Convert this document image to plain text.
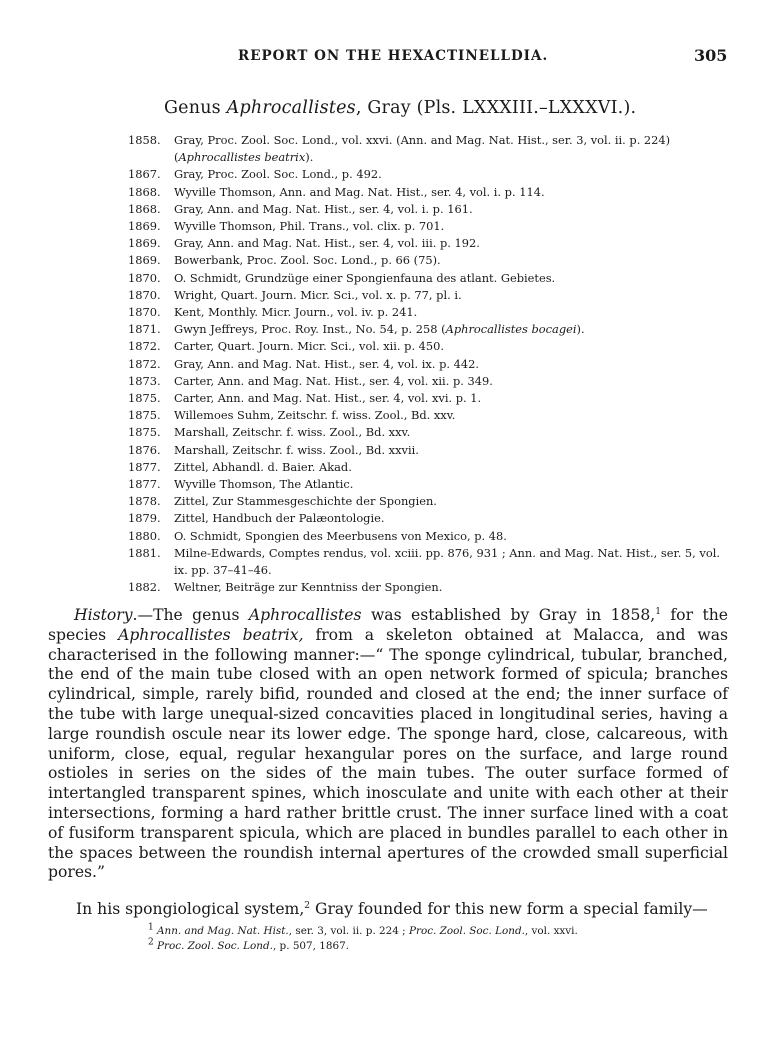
REPORT ON THE HEXACTINELLDIA.	305
Genus Aphrocallistes, Gray (Pls. LXXXIII.–LXXXVI.).
1858.	Gray, Proc. Zool. Soc. Lond., vol. xxvi. (Ann. and Mag. Nat. Hist., ser. 3, vol. ii. p. 224) (Aphrocallistes beatrix).
1867.	Gray, Proc. Zool. Soc. Lond., p. 492.
1868.	Wyville Thomson, Ann. and Mag. Nat. Hist., ser. 4, vol. i. p. 114.
1868.	Gray, Ann. and Mag. Nat. Hist., ser. 4, vol. i. p. 161.
1869.	Wyville Thomson, Phil. Trans., vol. clix. p. 701.
1869.	Gray, Ann. and Mag. Nat. Hist., ser. 4, vol. iii. p. 192.
1869.	Bowerbank, Proc. Zool. Soc. Lond., p. 66 (75).
1870.	O. Schmidt, Grundzüge einer Spongienfauna des atlant. Gebietes.
1870.	Wright, Quart. Journ. Micr. Sci., vol. x. p. 77, pl. i.
1870.	Kent, Monthly. Micr. Journ., vol. iv. p. 241.
1871.	Gwyn Jeffreys, Proc. Roy. Inst., No. 54, p. 258 (Aphrocallistes bocagei).
1872.	Carter, Quart. Journ. Micr. Sci., vol. xii. p. 450.
1872.	Gray, Ann. and Mag. Nat. Hist., ser. 4, vol. ix. p. 442.
1873.	Carter, Ann. and Mag. Nat. Hist., ser. 4, vol. xii. p. 349.
1875.	Carter, Ann. and Mag. Nat. Hist., ser. 4, vol. xvi. p. 1.
1875.	Willemoes Suhm, Zeitschr. f. wiss. Zool., Bd. xxv.
1875.	Marshall, Zeitschr. f. wiss. Zool., Bd. xxv.
1876.	Marshall, Zeitschr. f. wiss. Zool., Bd. xxvii.
1877.	Zittel, Abhandl. d. Baier. Akad.
1877.	Wyville Thomson, The Atlantic.
1878.	Zittel, Zur Stammesgeschichte der Spongien.
1879.	Zittel, Handbuch der Palæontologie.
1880.	O. Schmidt, Spongien des Meerbusens von Mexico, p. 48.
1881.	Milne-Edwards, Comptes rendus, vol. xciii. pp. 876, 931 ; Ann. and Mag. Nat. Hist., ser. 5, vol. ix. pp. 37–41–46.
1882.	Weltner, Beiträge zur Kenntniss der Spongien.

History.—The genus Aphrocallistes was established by Gray in 1858,$^1$ for the species Aphrocallistes beatrix, from a skeleton obtained at Malacca, and was characterised in the following manner:—“ The sponge cylindrical, tubular, branched, the end of the main tube closed with an open network formed of spicula; branches cylindrical, simple, rarely bifid, rounded and closed at the end; the inner surface of the tube with large unequal-sized concavities placed in longitudinal series, having a large roundish oscule near its lower edge. The sponge hard, close, calcareous, with uniform, close, equal, regular hexangular pores on the surface, and large round ostioles in series on the sides of the main tubes. The outer surface formed of intertangled transparent spines, which inosculate and unite with each other at their intersections, forming a hard rather brittle crust. The inner surface lined with a coat of fusiform transparent spicula, which are placed in bundles parallel to each other in the spaces between the roundish internal apertures of the crowded small superficial pores.”

In his spongiological system,$^2$ Gray founded for this new form a special family—

$^1$ Ann. and Mag. Nat. Hist., ser. 3, vol. ii. p. 224 ; Proc. Zool. Soc. Lond., vol. xxvi.
$^2$ Proc. Zool. Soc. Lond., p. 507, 1867.
